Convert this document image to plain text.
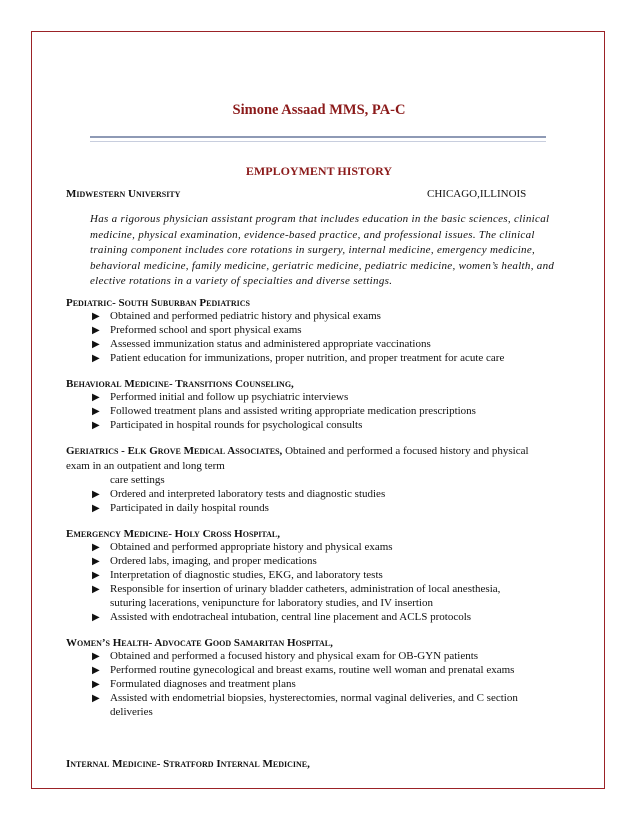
Simone Assaad MMS, PA-C
EMPLOYMENT HISTORY
Midwestern University	CHICAGO,ILLINOIS
Has a rigorous physician assistant program that includes education in the basic sciences, clinical
medicine, physical examination, evidence-based practice, and professional issues. The clinical
training component includes core rotations in surgery, internal medicine, emergency medicine,
behavioral medicine, family medicine, geriatric medicine, pediatric medicine, women’s health, and
elective rotations in a variety of specialties and diverse settings.
Pediatric- South Suburban Pediatrics
▶ Obtained and performed pediatric history and physical exams
▶ Preformed school and sport physical exams
▶ Assessed immunization status and administered appropriate vaccinations
▶ Patient education for immunizations, proper nutrition, and proper treatment for acute care
Behavioral Medicine- Transitions Counseling,
▶ Performed initial and follow up psychiatric interviews
▶ Followed treatment plans and assisted writing appropriate medication prescriptions
▶ Participated in hospital rounds for psychological consults
Geriatrics - Elk Grove Medical Associates, Obtained and performed a focused history and physical
exam in an outpatient and long term
care settings
▶ Ordered and interpreted laboratory tests and diagnostic studies
▶ Participated in daily hospital rounds
Emergency Medicine- Holy Cross Hospital,
▶ Obtained and performed appropriate history and physical exams
▶ Ordered labs, imaging, and proper medications
▶ Interpretation of diagnostic studies, EKG, and laboratory tests
▶ Responsible for insertion of urinary bladder catheters, administration of local anesthesia,
suturing lacerations, venipuncture for laboratory studies, and IV insertion
▶ Assisted with endotracheal intubation, central line placement and ACLS protocols
Women’s Health- Advocate Good Samaritan Hospital,
▶ Obtained and performed a focused history and physical exam for OB-GYN patients
▶ Performed routine gynecological and breast exams, routine well woman and prenatal exams
▶ Formulated diagnoses and treatment plans
▶ Assisted with endometrial biopsies, hysterectomies, normal vaginal deliveries, and C section
deliveries
Internal Medicine- Stratford Internal Medicine,
